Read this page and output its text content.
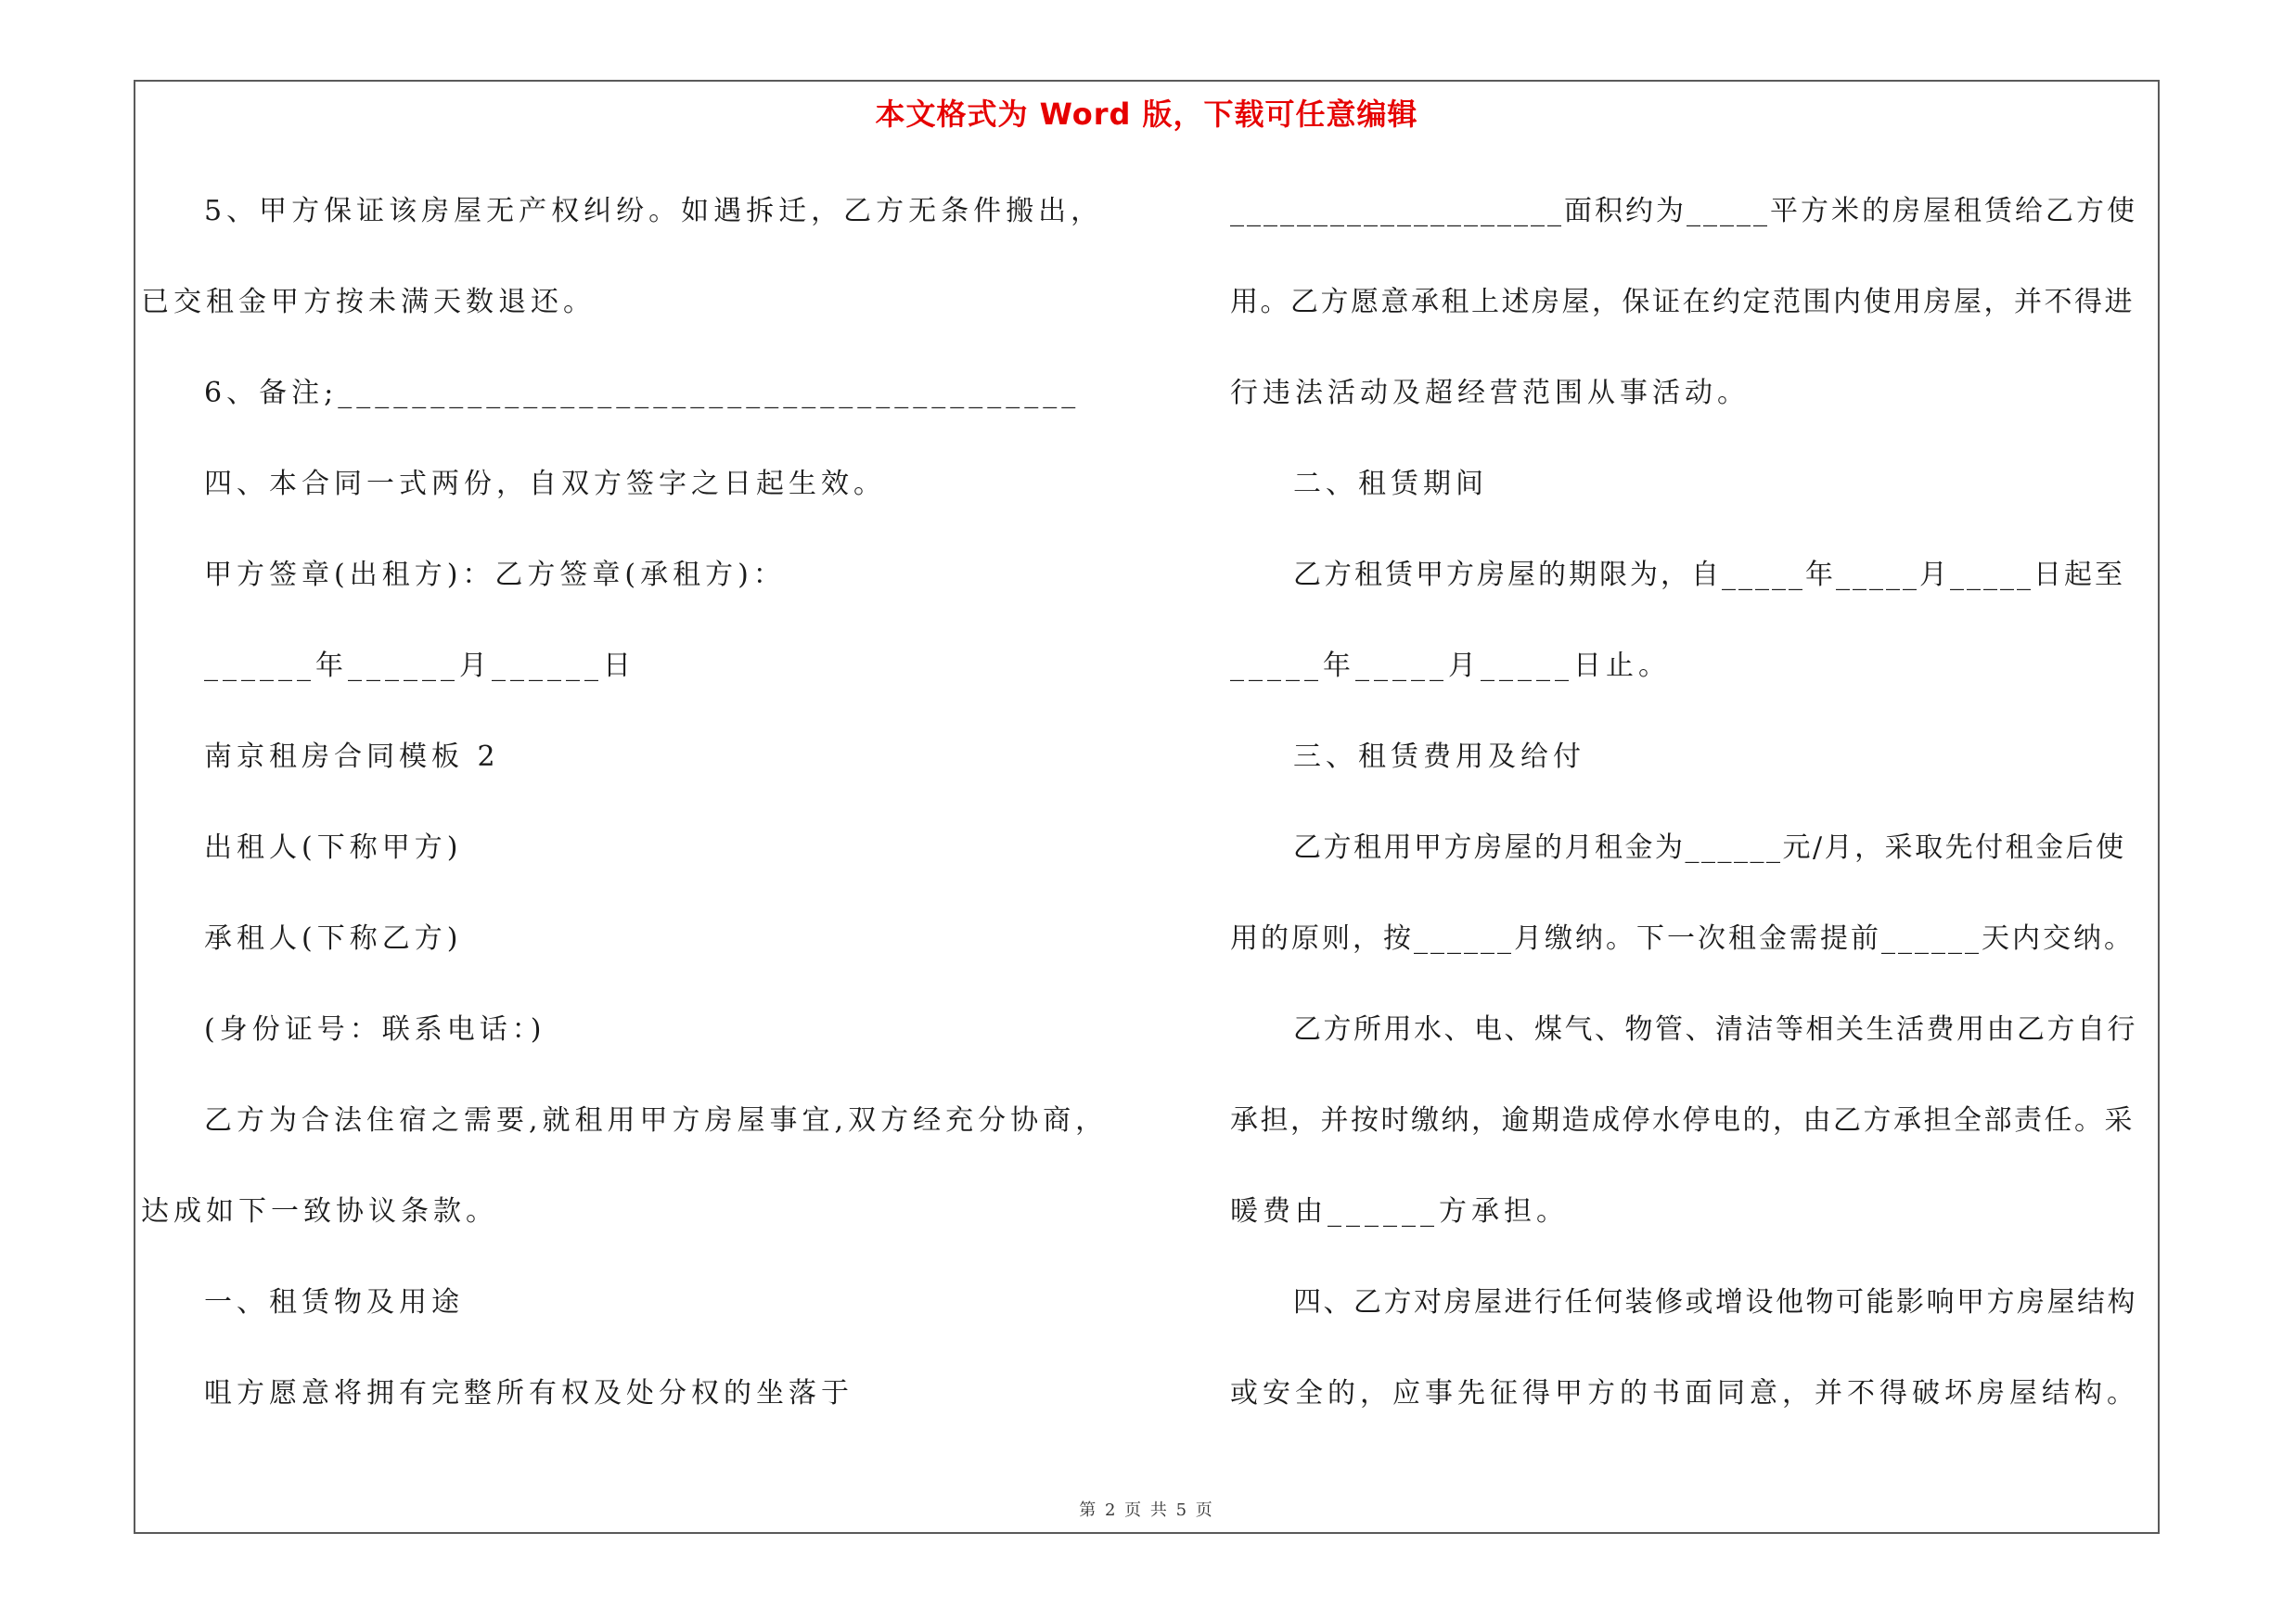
本文格式为 Word 版，下载可任意编辑
5、甲方保证该房屋无产权纠纷。如遇拆迁，乙方无条件搬出，
已交租金甲方按未满天数退还。
6、备注;________________________________________
四、本合同一式两份，自双方签字之日起生效。
甲方签章(出租方)：乙方签章(承租方)：
______年______月______日
南京租房合同模板 2
出租人(下称甲方)
承租人(下称乙方)
(身份证号：联系电话：)
乙方为合法住宿之需要,就租用甲方房屋事宜,双方经充分协商，
达成如下一致协议条款。
一、租赁物及用途
咀方愿意将拥有完整所有权及处分权的坐落于
____________________面积约为_____平方米的房屋租赁给乙方使
用。乙方愿意承租上述房屋，保证在约定范围内使用房屋，并不得进
行违法活动及超经营范围从事活动。
二、租赁期间
乙方租赁甲方房屋的期限为，自_____年_____月_____日起至
_____年_____月_____日止。
三、租赁费用及给付
乙方租用甲方房屋的月租金为______元/月，采取先付租金后使
用的原则，按______月缴纳。下一次租金需提前______天内交纳。
乙方所用水、电、煤气、物管、清洁等相关生活费用由乙方自行
承担，并按时缴纳，逾期造成停水停电的，由乙方承担全部责任。采
暖费由______方承担。
四、乙方对房屋进行任何装修或增设他物可能影响甲方房屋结构
或安全的，应事先征得甲方的书面同意，并不得破坏房屋结构。
第 2 页 共 5 页
